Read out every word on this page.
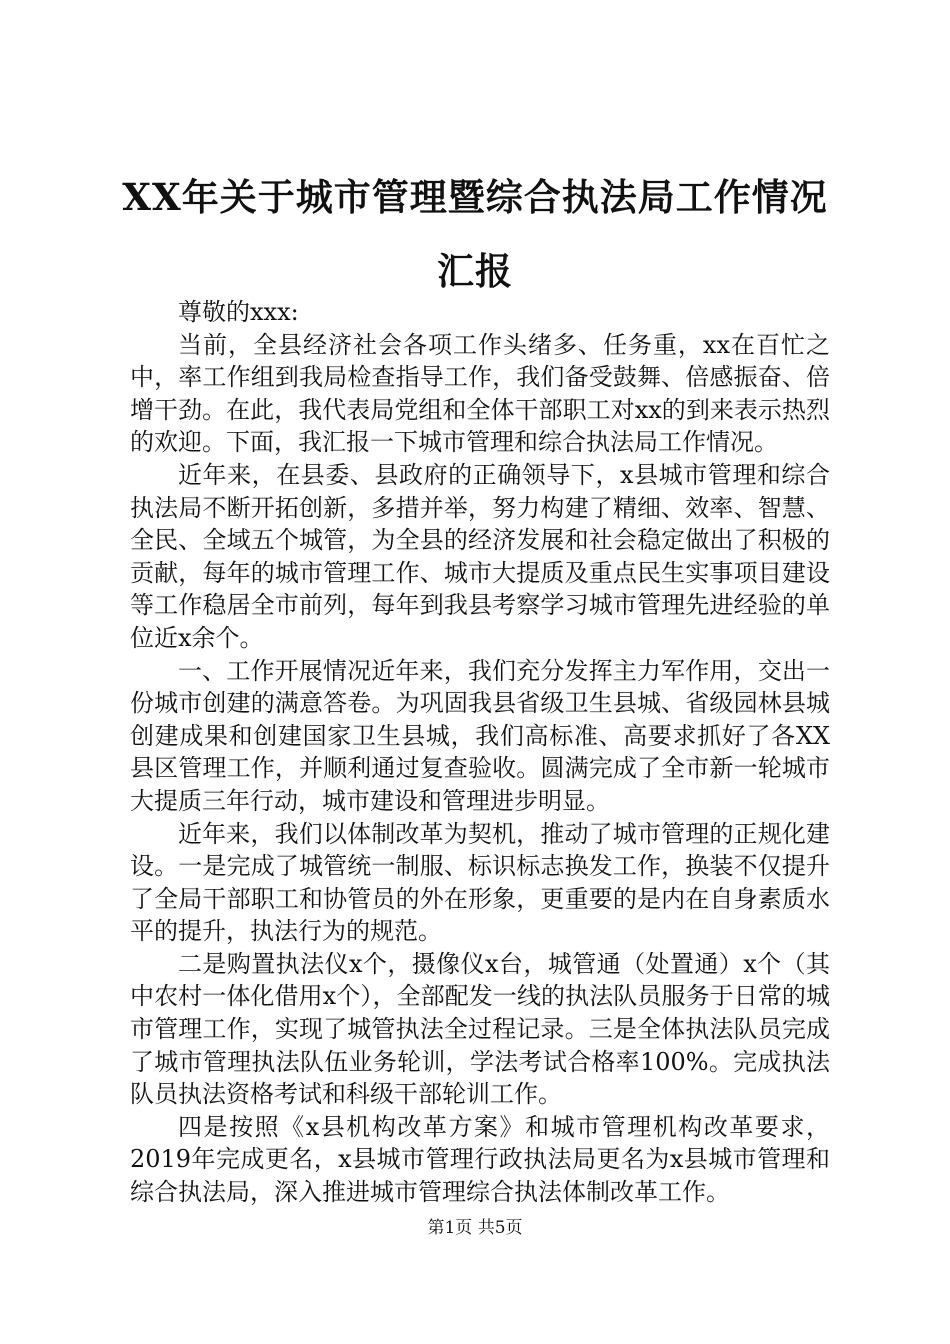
XX年关于城市管理暨综合执法局工作情况汇报

尊敬的xxx:

当前，全县经济社会各项工作头绪多、任务重，xx在百忙之中，率工作组到我局检查指导工作，我们备受鼓舞、倍感振奋、倍增干劲。在此，我代表局党组和全体干部职工对xx的到来表示热烈的欢迎。下面，我汇报一下城市管理和综合执法局工作情况。

近年来，在县委、县政府的正确领导下，x县城市管理和综合执法局不断开拓创新，多措并举，努力构建了精细、效率、智慧、全民、全域五个城管，为全县的经济发展和社会稳定做出了积极的贡献，每年的城市管理工作、城市大提质及重点民生实事项目建设等工作稳居全市前列，每年到我县考察学习城市管理先进经验的单位近x余个。

一、工作开展情况近年来，我们充分发挥主力军作用，交出一份城市创建的满意答卷。为巩固我县省级卫生县城、省级园林县城创建成果和创建国家卫生县城，我们高标准、高要求抓好了各XX县区管理工作，并顺利通过复查验收。圆满完成了全市新一轮城市大提质三年行动，城市建设和管理进步明显。

近年来，我们以体制改革为契机，推动了城市管理的正规化建设。一是完成了城管统一制服、标识标志换发工作，换装不仅提升了全局干部职工和协管员的外在形象，更重要的是内在自身素质水平的提升，执法行为的规范。

二是购置执法仪x个，摄像仪x台，城管通（处置通）x个（其中农村一体化借用x个），全部配发一线的执法队员服务于日常的城市管理工作，实现了城管执法全过程记录。三是全体执法队员完成了城市管理执法队伍业务轮训，学法考试合格率100%。完成执法队员执法资格考试和科级干部轮训工作。

四是按照《x县机构改革方案》和城市管理机构改革要求，2019年完成更名，x县城市管理行政执法局更名为x县城市管理和综合执法局，深入推进城市管理综合执法体制改革工作。

第1页 共5页
